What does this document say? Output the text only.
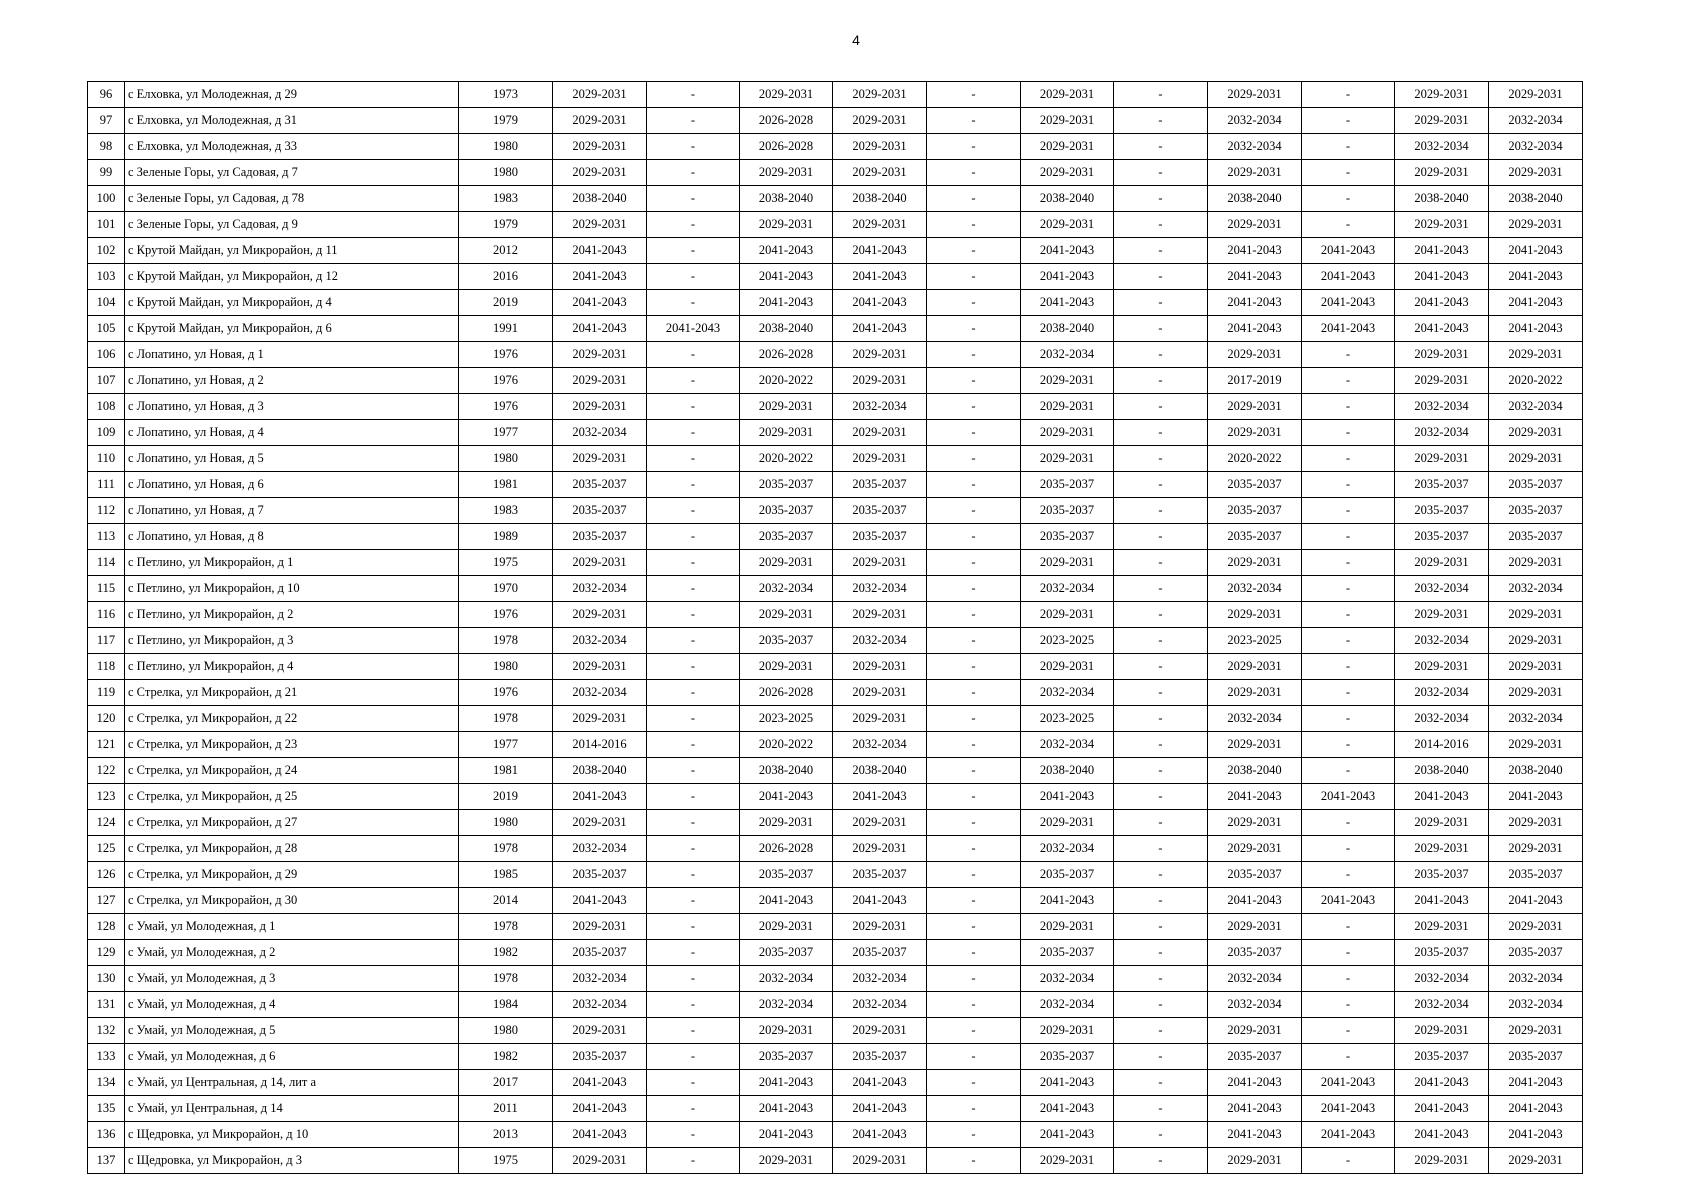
4
96	с Елховка, ул Молодежная, д 29	1973	2029-2031	-	2029-2031	2029-2031	-	2029-2031	-	2029-2031	-	2029-2031	2029-2031
97	с Елховка, ул Молодежная, д 31	1979	2029-2031	-	2026-2028	2029-2031	-	2029-2031	-	2032-2034	-	2029-2031	2032-2034
98	с Елховка, ул Молодежная, д 33	1980	2029-2031	-	2026-2028	2029-2031	-	2029-2031	-	2032-2034	-	2032-2034	2032-2034
99	с Зеленые Горы, ул Садовая, д 7	1980	2029-2031	-	2029-2031	2029-2031	-	2029-2031	-	2029-2031	-	2029-2031	2029-2031
100	с Зеленые Горы, ул Садовая, д 78	1983	2038-2040	-	2038-2040	2038-2040	-	2038-2040	-	2038-2040	-	2038-2040	2038-2040
101	с Зеленые Горы, ул Садовая, д 9	1979	2029-2031	-	2029-2031	2029-2031	-	2029-2031	-	2029-2031	-	2029-2031	2029-2031
102	с Крутой Майдан, ул Микрорайон, д 11	2012	2041-2043	-	2041-2043	2041-2043	-	2041-2043	-	2041-2043	2041-2043	2041-2043	2041-2043
103	с Крутой Майдан, ул Микрорайон, д 12	2016	2041-2043	-	2041-2043	2041-2043	-	2041-2043	-	2041-2043	2041-2043	2041-2043	2041-2043
104	с Крутой Майдан, ул Микрорайон, д 4	2019	2041-2043	-	2041-2043	2041-2043	-	2041-2043	-	2041-2043	2041-2043	2041-2043	2041-2043
105	с Крутой Майдан, ул Микрорайон, д 6	1991	2041-2043	2041-2043	2038-2040	2041-2043	-	2038-2040	-	2041-2043	2041-2043	2041-2043	2041-2043
106	с Лопатино, ул Новая, д 1	1976	2029-2031	-	2026-2028	2029-2031	-	2032-2034	-	2029-2031	-	2029-2031	2029-2031
107	с Лопатино, ул Новая, д 2	1976	2029-2031	-	2020-2022	2029-2031	-	2029-2031	-	2017-2019	-	2029-2031	2020-2022
108	с Лопатино, ул Новая, д 3	1976	2029-2031	-	2029-2031	2032-2034	-	2029-2031	-	2029-2031	-	2032-2034	2032-2034
109	с Лопатино, ул Новая, д 4	1977	2032-2034	-	2029-2031	2029-2031	-	2029-2031	-	2029-2031	-	2032-2034	2029-2031
110	с Лопатино, ул Новая, д 5	1980	2029-2031	-	2020-2022	2029-2031	-	2029-2031	-	2020-2022	-	2029-2031	2029-2031
111	с Лопатино, ул Новая, д 6	1981	2035-2037	-	2035-2037	2035-2037	-	2035-2037	-	2035-2037	-	2035-2037	2035-2037
112	с Лопатино, ул Новая, д 7	1983	2035-2037	-	2035-2037	2035-2037	-	2035-2037	-	2035-2037	-	2035-2037	2035-2037
113	с Лопатино, ул Новая, д 8	1989	2035-2037	-	2035-2037	2035-2037	-	2035-2037	-	2035-2037	-	2035-2037	2035-2037
114	с Петлино, ул Микрорайон, д 1	1975	2029-2031	-	2029-2031	2029-2031	-	2029-2031	-	2029-2031	-	2029-2031	2029-2031
115	с Петлино, ул Микрорайон, д 10	1970	2032-2034	-	2032-2034	2032-2034	-	2032-2034	-	2032-2034	-	2032-2034	2032-2034
116	с Петлино, ул Микрорайон, д 2	1976	2029-2031	-	2029-2031	2029-2031	-	2029-2031	-	2029-2031	-	2029-2031	2029-2031
117	с Петлино, ул Микрорайон, д 3	1978	2032-2034	-	2035-2037	2032-2034	-	2023-2025	-	2023-2025	-	2032-2034	2029-2031
118	с Петлино, ул Микрорайон, д 4	1980	2029-2031	-	2029-2031	2029-2031	-	2029-2031	-	2029-2031	-	2029-2031	2029-2031
119	с Стрелка, ул Микрорайон, д 21	1976	2032-2034	-	2026-2028	2029-2031	-	2032-2034	-	2029-2031	-	2032-2034	2029-2031
120	с Стрелка, ул Микрорайон, д 22	1978	2029-2031	-	2023-2025	2029-2031	-	2023-2025	-	2032-2034	-	2032-2034	2032-2034
121	с Стрелка, ул Микрорайон, д 23	1977	2014-2016	-	2020-2022	2032-2034	-	2032-2034	-	2029-2031	-	2014-2016	2029-2031
122	с Стрелка, ул Микрорайон, д 24	1981	2038-2040	-	2038-2040	2038-2040	-	2038-2040	-	2038-2040	-	2038-2040	2038-2040
123	с Стрелка, ул Микрорайон, д 25	2019	2041-2043	-	2041-2043	2041-2043	-	2041-2043	-	2041-2043	2041-2043	2041-2043	2041-2043
124	с Стрелка, ул Микрорайон, д 27	1980	2029-2031	-	2029-2031	2029-2031	-	2029-2031	-	2029-2031	-	2029-2031	2029-2031
125	с Стрелка, ул Микрорайон, д 28	1978	2032-2034	-	2026-2028	2029-2031	-	2032-2034	-	2029-2031	-	2029-2031	2029-2031
126	с Стрелка, ул Микрорайон, д 29	1985	2035-2037	-	2035-2037	2035-2037	-	2035-2037	-	2035-2037	-	2035-2037	2035-2037
127	с Стрелка, ул Микрорайон, д 30	2014	2041-2043	-	2041-2043	2041-2043	-	2041-2043	-	2041-2043	2041-2043	2041-2043	2041-2043
128	с Умай, ул Молодежная, д 1	1978	2029-2031	-	2029-2031	2029-2031	-	2029-2031	-	2029-2031	-	2029-2031	2029-2031
129	с Умай, ул Молодежная, д 2	1982	2035-2037	-	2035-2037	2035-2037	-	2035-2037	-	2035-2037	-	2035-2037	2035-2037
130	с Умай, ул Молодежная, д 3	1978	2032-2034	-	2032-2034	2032-2034	-	2032-2034	-	2032-2034	-	2032-2034	2032-2034
131	с Умай, ул Молодежная, д 4	1984	2032-2034	-	2032-2034	2032-2034	-	2032-2034	-	2032-2034	-	2032-2034	2032-2034
132	с Умай, ул Молодежная, д 5	1980	2029-2031	-	2029-2031	2029-2031	-	2029-2031	-	2029-2031	-	2029-2031	2029-2031
133	с Умай, ул Молодежная, д 6	1982	2035-2037	-	2035-2037	2035-2037	-	2035-2037	-	2035-2037	-	2035-2037	2035-2037
134	с Умай, ул Центральная, д 14, лит а	2017	2041-2043	-	2041-2043	2041-2043	-	2041-2043	-	2041-2043	2041-2043	2041-2043	2041-2043
135	с Умай, ул Центральная, д 14	2011	2041-2043	-	2041-2043	2041-2043	-	2041-2043	-	2041-2043	2041-2043	2041-2043	2041-2043
136	с Щедровка, ул Микрорайон, д 10	2013	2041-2043	-	2041-2043	2041-2043	-	2041-2043	-	2041-2043	2041-2043	2041-2043	2041-2043
137	с Щедровка, ул Микрорайон, д 3	1975	2029-2031	-	2029-2031	2029-2031	-	2029-2031	-	2029-2031	-	2029-2031	2029-2031
